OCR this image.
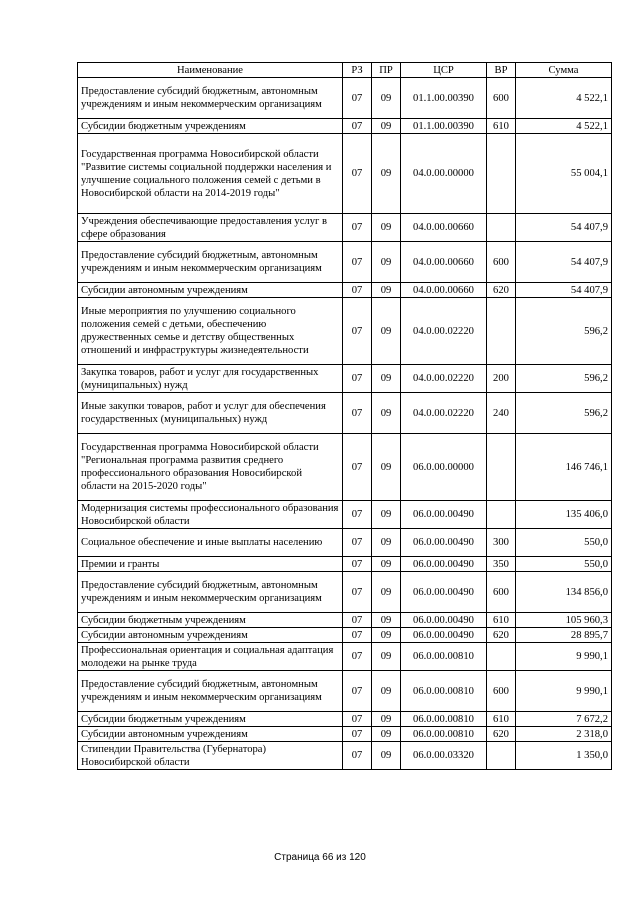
Наименование	РЗ	ПР	ЦСР	ВР	Сумма
Предоставление субсидий бюджетным, автономным учреждениям и иным некоммерческим организациям	07	09	01.1.00.00390	600	4 522,1
Субсидии бюджетным учреждениям	07	09	01.1.00.00390	610	4 522,1
Государственная программа Новосибирской области "Развитие системы социальной поддержки населения и улучшение социального положения семей с детьми в Новосибирской области на 2014-2019 годы"	07	09	04.0.00.00000		55 004,1
Учреждения обеспечивающие предоставления услуг в сфере образования	07	09	04.0.00.00660		54 407,9
Предоставление субсидий бюджетным, автономным учреждениям и иным некоммерческим организациям	07	09	04.0.00.00660	600	54 407,9
Субсидии автономным учреждениям	07	09	04.0.00.00660	620	54 407,9
Иные мероприятия по улучшению социального положения семей с детьми, обеспечению дружественных семье и детству общественных отношений и инфраструктуры жизнедеятельности	07	09	04.0.00.02220		596,2
Закупка товаров, работ и услуг для государственных (муниципальных) нужд	07	09	04.0.00.02220	200	596,2
Иные закупки товаров, работ и услуг для обеспечения государственных (муниципальных) нужд	07	09	04.0.00.02220	240	596,2
Государственная программа Новосибирской области "Региональная программа развития среднего профессионального образования Новосибирской области на 2015-2020 годы"	07	09	06.0.00.00000		146 746,1
Модернизация системы профессионального образования Новосибирской области	07	09	06.0.00.00490		135 406,0
Социальное обеспечение и иные выплаты населению	07	09	06.0.00.00490	300	550,0
Премии и гранты	07	09	06.0.00.00490	350	550,0
Предоставление субсидий бюджетным, автономным учреждениям и иным некоммерческим организациям	07	09	06.0.00.00490	600	134 856,0
Субсидии бюджетным учреждениям	07	09	06.0.00.00490	610	105 960,3
Субсидии автономным учреждениям	07	09	06.0.00.00490	620	28 895,7
Профессиональная ориентация и социальная адаптация молодежи на рынке труда	07	09	06.0.00.00810		9 990,1
Предоставление субсидий бюджетным, автономным учреждениям и иным некоммерческим организациям	07	09	06.0.00.00810	600	9 990,1
Субсидии бюджетным учреждениям	07	09	06.0.00.00810	610	7 672,2
Субсидии автономным учреждениям	07	09	06.0.00.00810	620	2 318,0
Стипендии Правительства (Губернатора) Новосибирской области	07	09	06.0.00.03320		1 350,0
Страница 66 из 120
